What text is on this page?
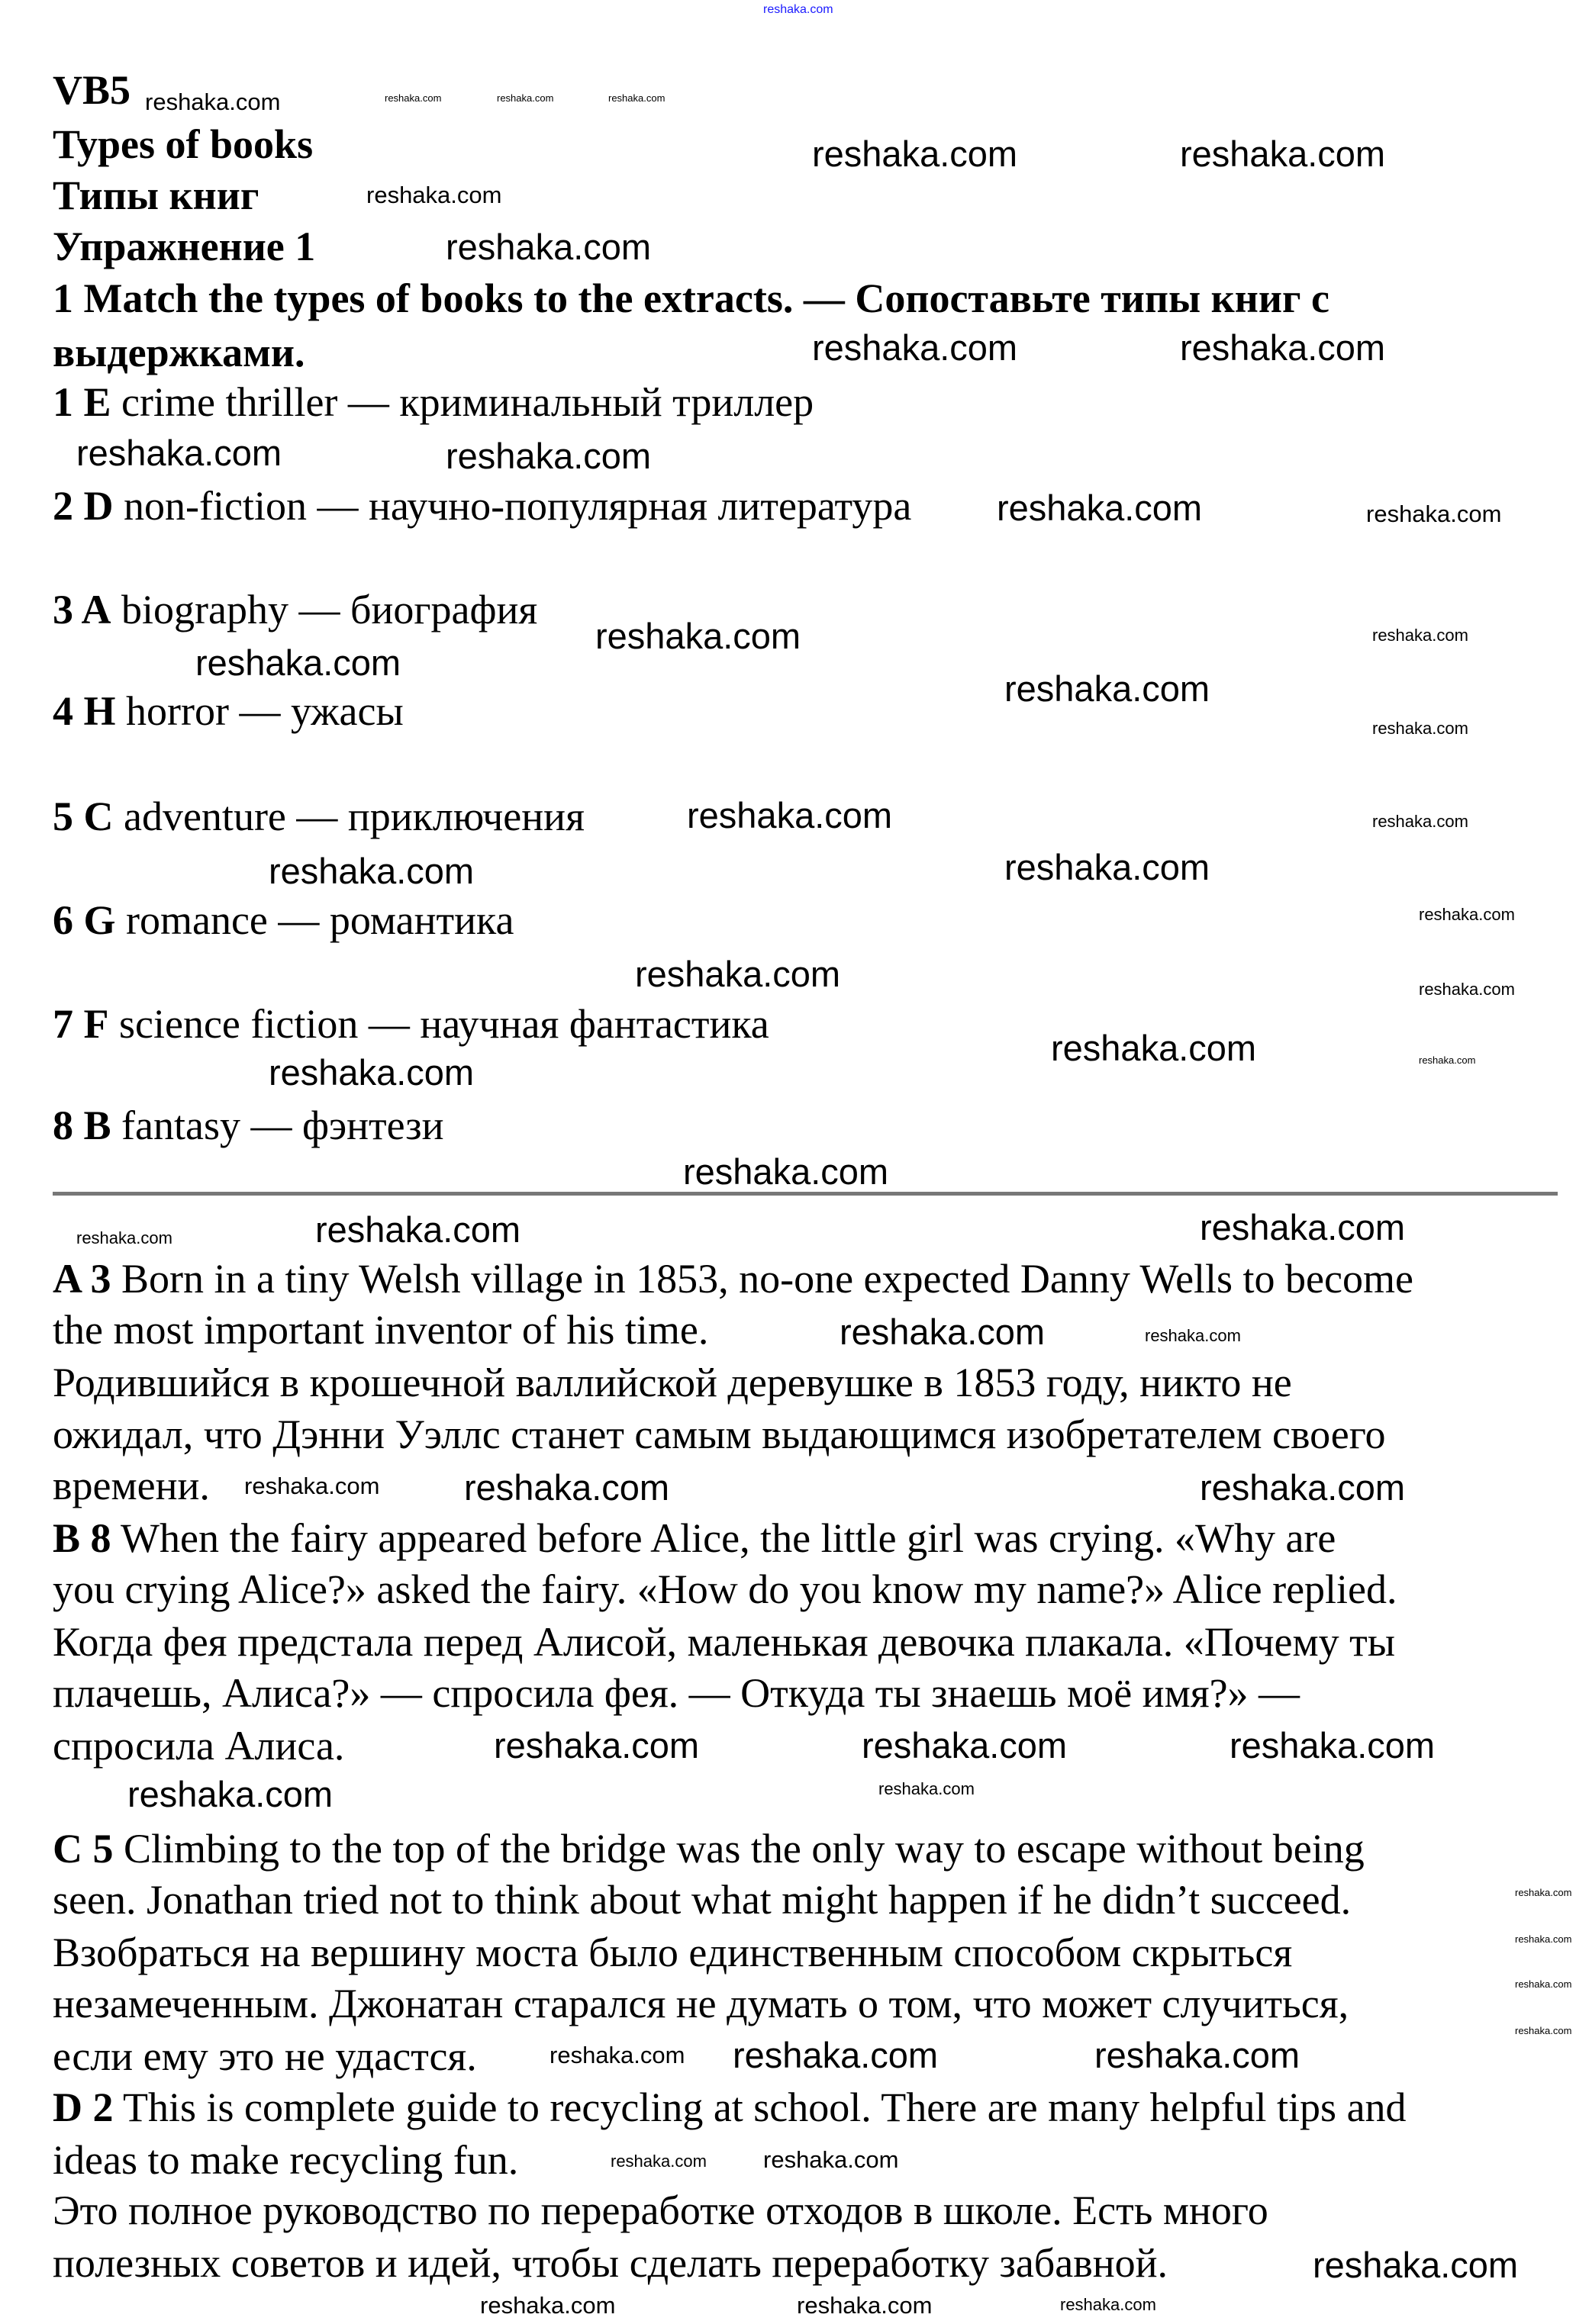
reshaka.com
VB5
Types of books
Типы книг
Упражнение 1
1 Match the types of books to the extracts. — Сопоставьте типы книг с
выдержками.
1 E crime thriller — криминальный триллер
2 D non-fiction — научно-популярная литература
3 A biography — биография
4 H horror — ужасы
5 C adventure — приключения
6 G romance — романтика
7 F science fiction — научная фантастика
8 B fantasy — фэнтези
A 3 Born in a tiny Welsh village in 1853, no-one expected Danny Wells to become
the most important inventor of his time.
Родившийся в крошечной валлийской деревушке в 1853 году, никто не
ожидал, что Дэнни Уэллс станет самым выдающимся изобретателем своего
времени.
B 8 When the fairy appeared before Alice, the little girl was crying. «Why are
you crying Alice?» asked the fairy. «How do you know my name?» Alice replied.
Когда фея предстала перед Алисой, маленькая девочка плакала. «Почему ты
плачешь, Алиса?» — спросила фея. — Откуда ты знаешь моё имя?» —
спросила Алиса.
C 5 Climbing to the top of the bridge was the only way to escape without being
seen. Jonathan tried not to think about what might happen if he didn’t succeed.
Взобраться на вершину моста было единственным способом скрыться
незамеченным. Джонатан старался не думать о том, что может случиться,
если ему это не удастся.
D 2 This is complete guide to recycling at school. There are many helpful tips and
ideas to make recycling fun.
Это полное руководство по переработке отходов в школе. Есть много
полезных советов и идей, чтобы сделать переработку забавной.
reshaka.com	reshaka.com	reshaka.com	reshaka.com
reshaka.com	reshaka.com
reshaka.com
reshaka.com
reshaka.com	reshaka.com
reshaka.com	reshaka.com
reshaka.com	reshaka.com
reshaka.com	reshaka.com
reshaka.com
reshaka.com
reshaka.com
reshaka.com	reshaka.com
reshaka.com	reshaka.com
reshaka.com
reshaka.com	reshaka.com
reshaka.com
reshaka.com	reshaka.com
reshaka.com
reshaka.com	reshaka.com	reshaka.com
reshaka.com
reshaka.com
reshaka.com reshaka.com	reshaka.com
reshaka.com
reshaka.com	reshaka.com	reshaka.com
reshaka.com
reshaka.com
reshaka.com
reshaka.com
reshaka.com
reshaka.com
reshaka.com	reshaka.com
reshaka.com reshaka.com
reshaka.com	reshaka.com	reshaka.com
reshaka.com
